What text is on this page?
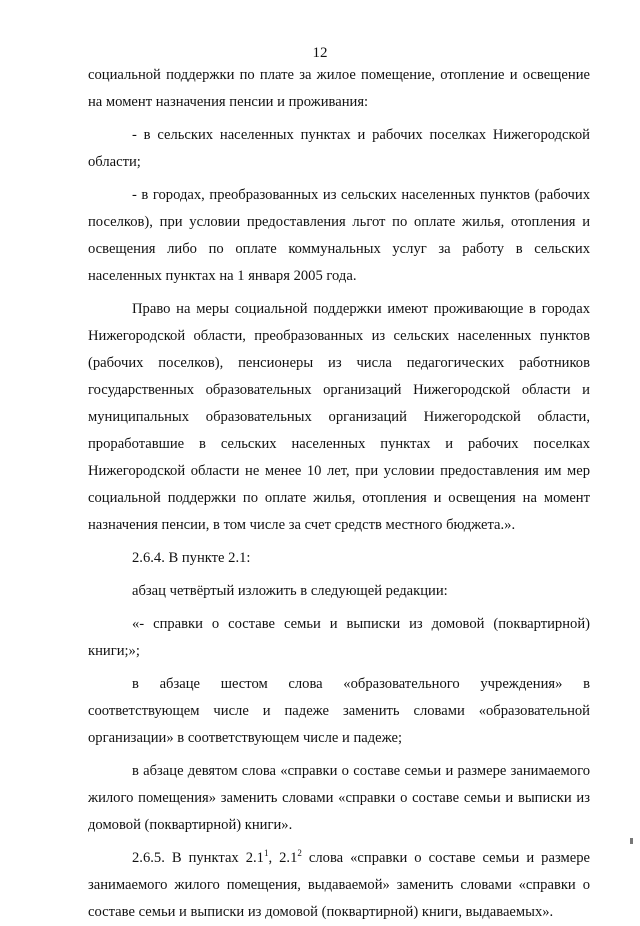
12

социальной поддержки по плате за жилое помещение, отопление и освещение на момент назначения пенсии и проживания:

- в сельских населенных пунктах и рабочих поселках Нижегородской области;

- в городах, преобразованных из сельских населенных пунктов (рабочих поселков), при условии предоставления льгот по оплате жилья, отопления и освещения либо по оплате коммунальных услуг за работу в сельских населенных пунктах на 1 января 2005 года.

Право на меры социальной поддержки имеют проживающие в городах Нижегородской области, преобразованных из сельских населенных пунктов (рабочих поселков), пенсионеры из числа педагогических работников государственных образовательных организаций Нижегородской области и муниципальных образовательных организаций Нижегородской области, проработавшие в сельских населенных пунктах и рабочих поселках Нижегородской области не менее 10 лет, при условии предоставления им мер социальной поддержки по оплате жилья, отопления и освещения на момент назначения пенсии, в том числе за счет средств местного бюджета.».

2.6.4. В пункте 2.1:

абзац четвёртый изложить в следующей редакции:

«- справки о составе семьи и выписки из домовой (поквартирной) книги;»;

в абзаце шестом слова «образовательного учреждения» в соответствующем числе и падеже заменить словами «образовательной организации» в соответствующем числе и падеже;

в абзаце девятом слова «справки о составе семьи и размере занимаемого жилого помещения» заменить словами «справки о составе семьи и выписки из домовой (поквартирной) книги».

2.6.5. В пунктах $2.1^1$, $2.1^2$ слова «справки о составе семьи и размере занимаемого жилого помещения, выдаваемой» заменить словами «справки о составе семьи и выписки из домовой (поквартирной) книги, выдаваемых».
